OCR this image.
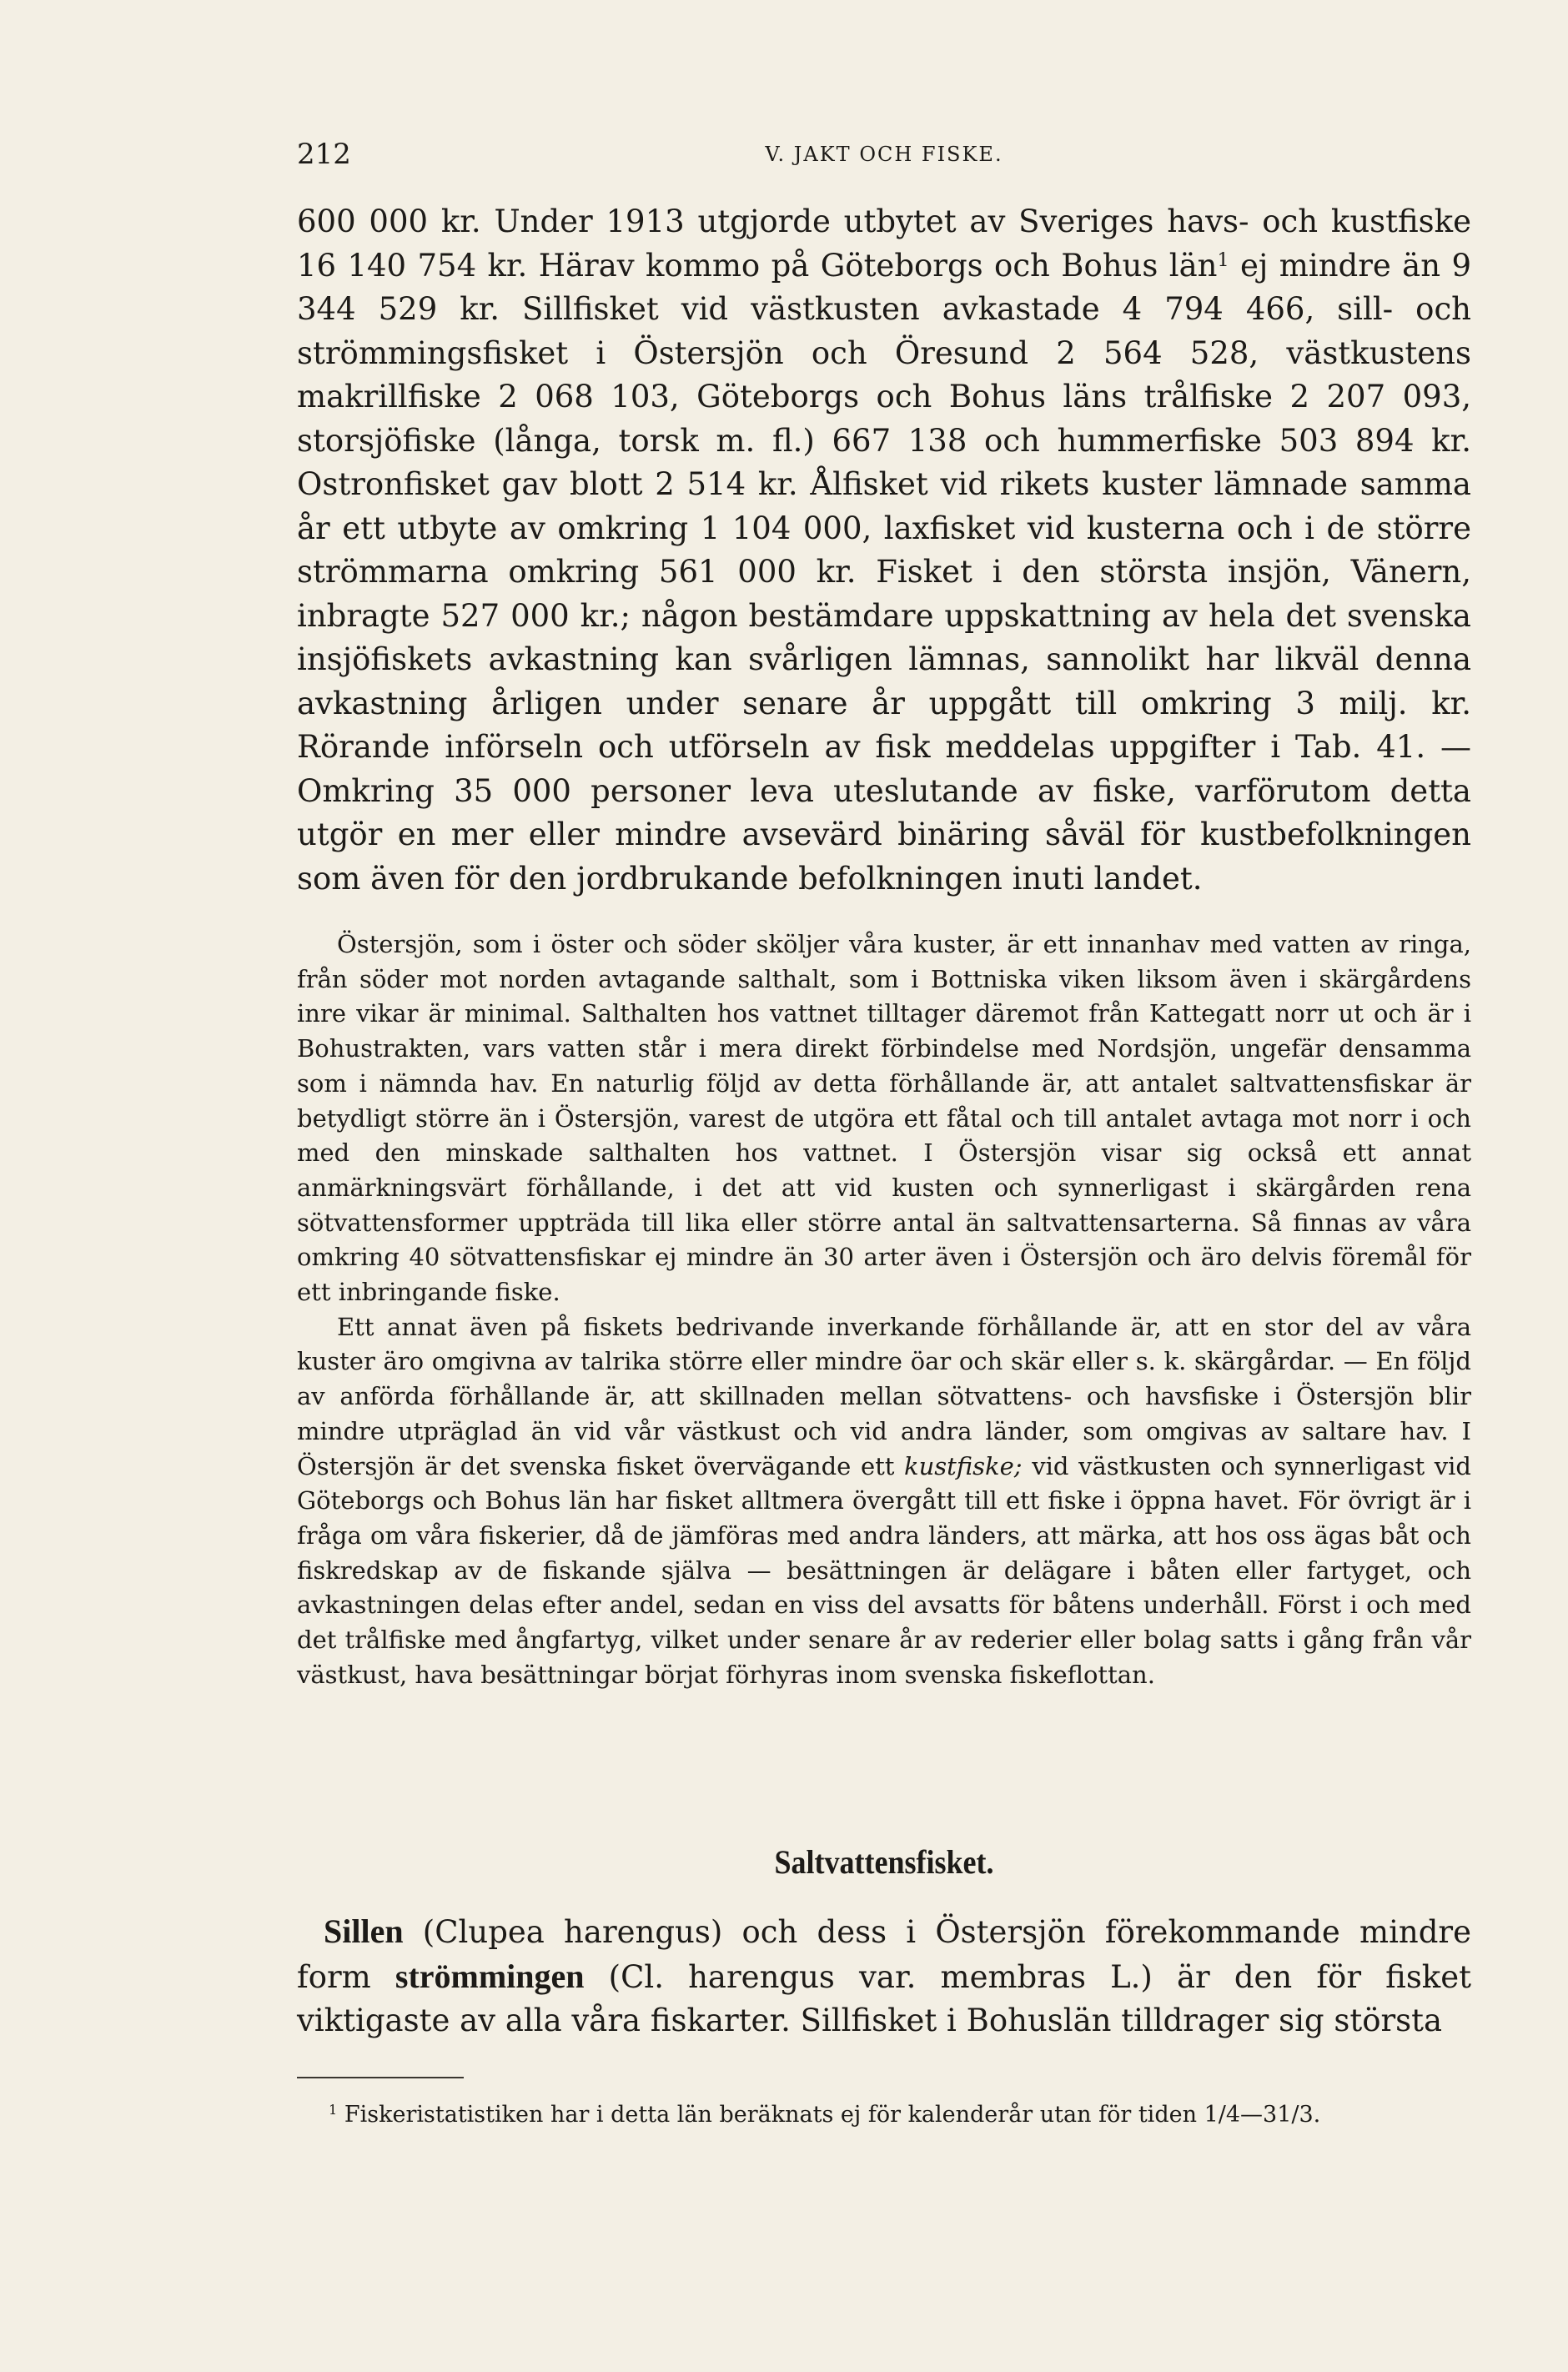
212	V. JAKT OCH FISKE.

600 000 kr. Under 1913 utgjorde utbytet av Sveriges havs- och kustfiske 16 140 754 kr. Härav kommo på Göteborgs och Bohus län$^1$ ej mindre än 9 344 529 kr. Sillfisket vid västkusten avkastade 4 794 466, sill- och strömmingsfisket i Östersjön och Öresund 2 564 528, västkustens makrillfiske 2 068 103, Göteborgs och Bohus läns trålfiske 2 207 093, storsjöfiske (långa, torsk m. fl.) 667 138 och hummerfiske 503 894 kr. Ostronfisket gav blott 2 514 kr. Ålfisket vid rikets kuster lämnade samma år ett utbyte av omkring 1 104 000, laxfisket vid kusterna och i de större strömmarna omkring 561 000 kr. Fisket i den största insjön, Vänern, inbragte 527 000 kr.; någon bestämdare uppskattning av hela det svenska insjöfiskets avkastning kan svårligen lämnas, sannolikt har likväl denna avkastning årligen under senare år uppgått till omkring 3 milj. kr. Rörande införseln och utförseln av fisk meddelas uppgifter i Tab. 41. — Omkring 35 000 personer leva uteslutande av fiske, varförutom detta utgör en mer eller mindre avsevärd binäring såväl för kustbefolkningen som även för den jordbrukande befolkningen inuti landet.

Östersjön, som i öster och söder sköljer våra kuster, är ett innanhav med vatten av ringa, från söder mot norden avtagande salthalt, som i Bottniska viken liksom även i skärgårdens inre vikar är minimal. Salthalten hos vattnet tilltager däremot från Kattegatt norr ut och är i Bohustrakten, vars vatten står i mera direkt förbindelse med Nordsjön, ungefär densamma som i nämnda hav. En naturlig följd av detta förhållande är, att antalet saltvattensfiskar är betydligt större än i Östersjön, varest de utgöra ett fåtal och till antalet avtaga mot norr i och med den minskade salthalten hos vattnet. I Östersjön visar sig också ett annat anmärkningsvärt förhållande, i det att vid kusten och synnerligast i skärgården rena sötvattensformer uppträda till lika eller större antal än saltvattensarterna. Så finnas av våra omkring 40 sötvattensfiskar ej mindre än 30 arter även i Östersjön och äro delvis föremål för ett inbringande fiske.

Ett annat även på fiskets bedrivande inverkande förhållande är, att en stor del av våra kuster äro omgivna av talrika större eller mindre öar och skär eller s. k. skärgårdar. — En följd av anförda förhållande är, att skillnaden mellan sötvattens- och havsfiske i Östersjön blir mindre utpräglad än vid vår västkust och vid andra länder, som omgivas av saltare hav. I Östersjön är det svenska fisket övervägande ett kustfiske; vid västkusten och synnerligast vid Göteborgs och Bohus län har fisket alltmera övergått till ett fiske i öppna havet. För övrigt är i fråga om våra fiskerier, då de jämföras med andra länders, att märka, att hos oss ägas båt och fiskredskap av de fiskande själva — besättningen är delägare i båten eller fartyget, och avkastningen delas efter andel, sedan en viss del avsatts för båtens underhåll. Först i och med det trålfiske med ångfartyg, vilket under senare år av rederier eller bolag satts i gång från vår västkust, hava besättningar börjat förhyras inom svenska fiskeflottan.

Saltvattensfisket.

Sillen (Clupea harengus) och dess i Östersjön förekommande mindre form strömmingen (Cl. harengus var. membras L.) är den för fisket viktigaste av alla våra fiskarter. Sillfisket i Bohuslän tilldrager sig största

$^1$ Fiskeristatistiken har i detta län beräknats ej för kalenderår utan för tiden 1/4—31/3.
